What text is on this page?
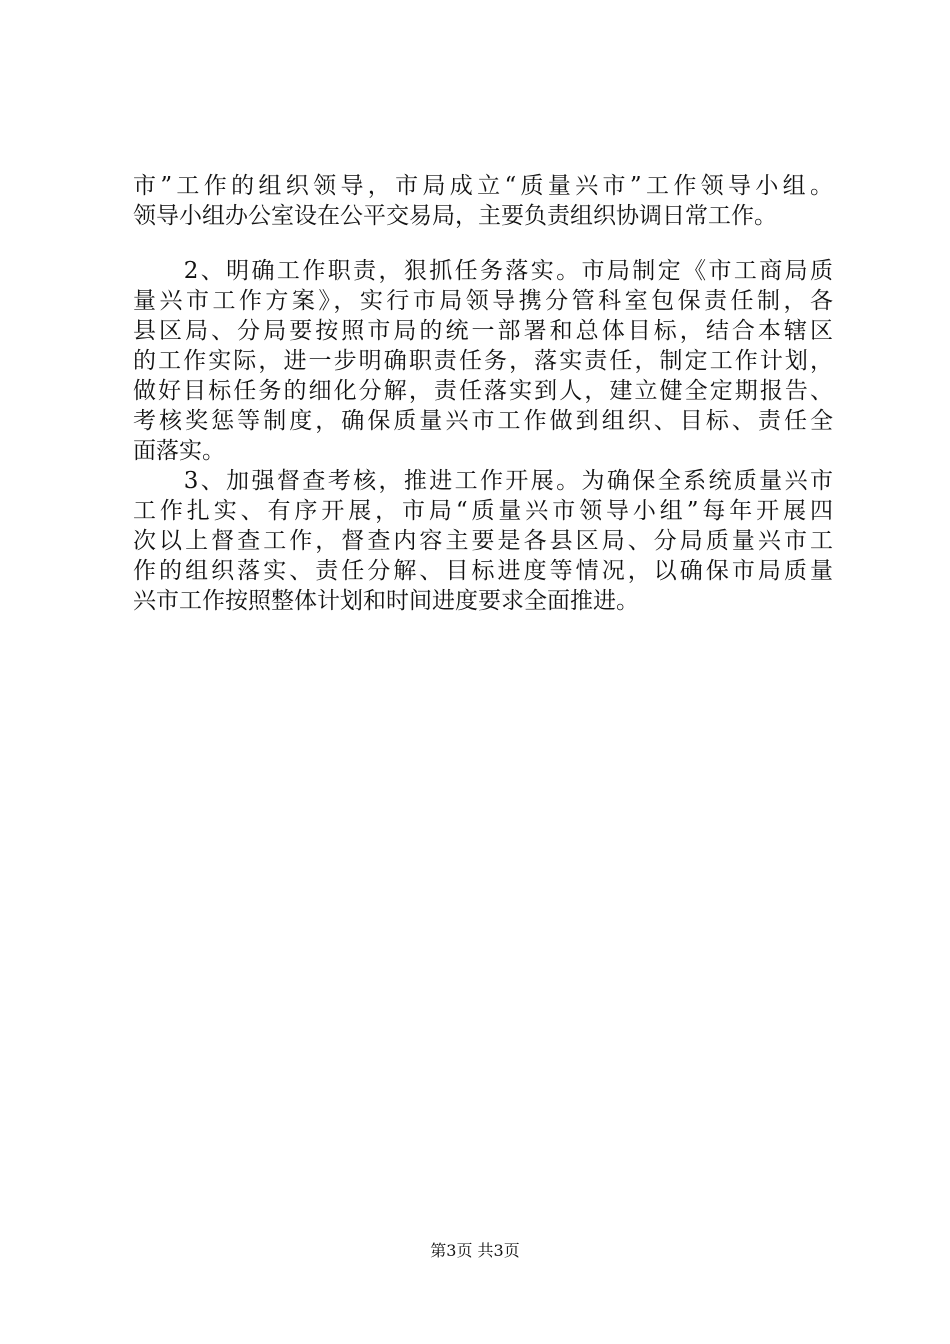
市”工作的组织领导，市局成立“质量兴市”工作领导小组。
领导小组办公室设在公平交易局，主要负责组织协调日常工作。
　　2、明确工作职责，狠抓任务落实。市局制定《市工商局质
量兴市工作方案》，实行市局领导携分管科室包保责任制，各
县区局、分局要按照市局的统一部署和总体目标，结合本辖区
的工作实际，进一步明确职责任务，落实责任，制定工作计划，
做好目标任务的细化分解，责任落实到人，建立健全定期报告、
考核奖惩等制度，确保质量兴市工作做到组织、目标、责任全
面落实。
　　3、加强督查考核，推进工作开展。为确保全系统质量兴市
工作扎实、有序开展，市局“质量兴市领导小组”每年开展四
次以上督查工作，督查内容主要是各县区局、分局质量兴市工
作的组织落实、责任分解、目标进度等情况，以确保市局质量
兴市工作按照整体计划和时间进度要求全面推进。
第3页 共3页
